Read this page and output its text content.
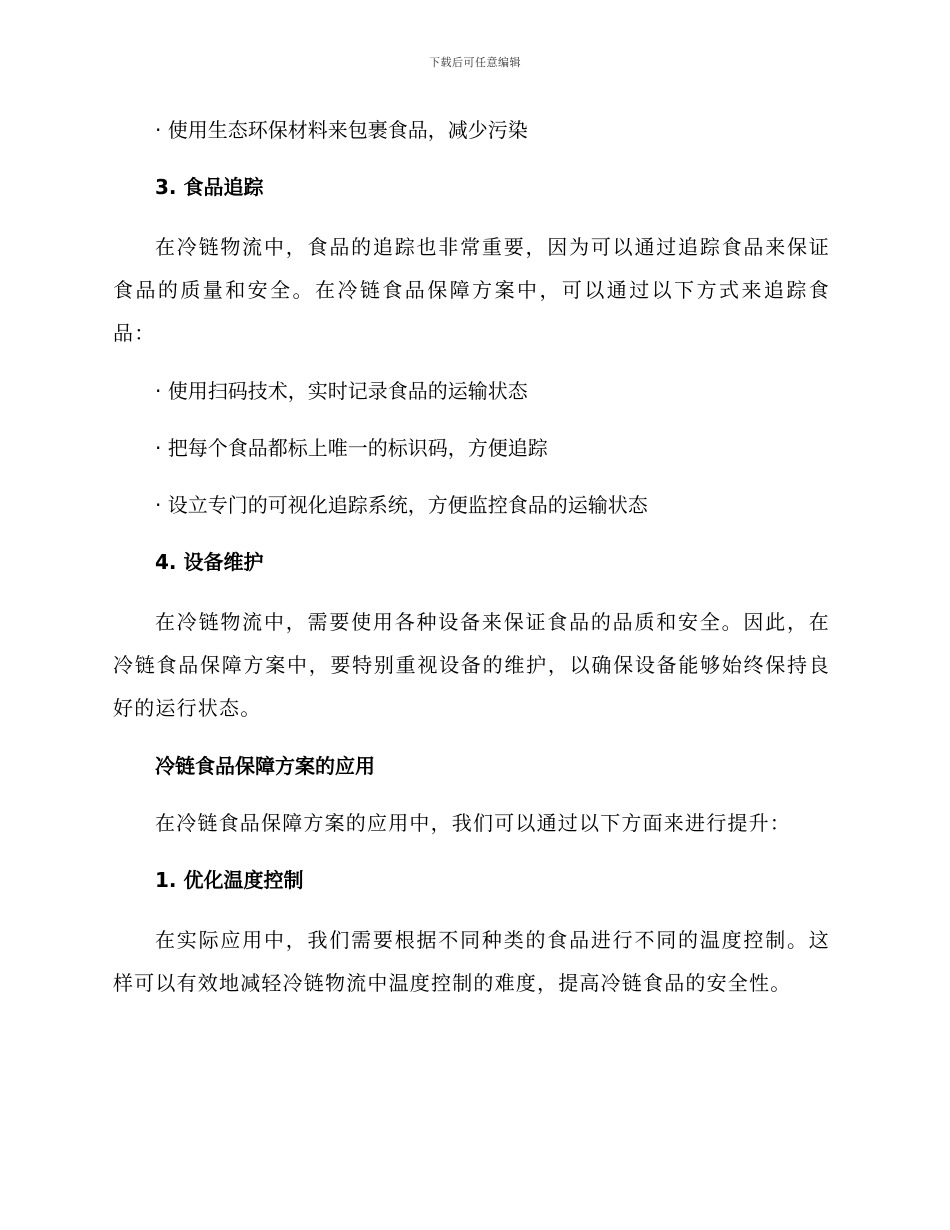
下载后可任意编辑

· 使用生态环保材料来包裹食品，减少污染

3. 食品追踪

在冷链物流中，食品的追踪也非常重要，因为可以通过追踪食品来保证食品的质量和安全。在冷链食品保障方案中，可以通过以下方式来追踪食品：

· 使用扫码技术，实时记录食品的运输状态

· 把每个食品都标上唯一的标识码，方便追踪

· 设立专门的可视化追踪系统，方便监控食品的运输状态

4. 设备维护

在冷链物流中，需要使用各种设备来保证食品的品质和安全。因此，在冷链食品保障方案中，要特别重视设备的维护，以确保设备能够始终保持良好的运行状态。

冷链食品保障方案的应用

在冷链食品保障方案的应用中，我们可以通过以下方面来进行提升：

1. 优化温度控制

在实际应用中，我们需要根据不同种类的食品进行不同的温度控制。这样可以有效地减轻冷链物流中温度控制的难度，提高冷链食品的安全性。
